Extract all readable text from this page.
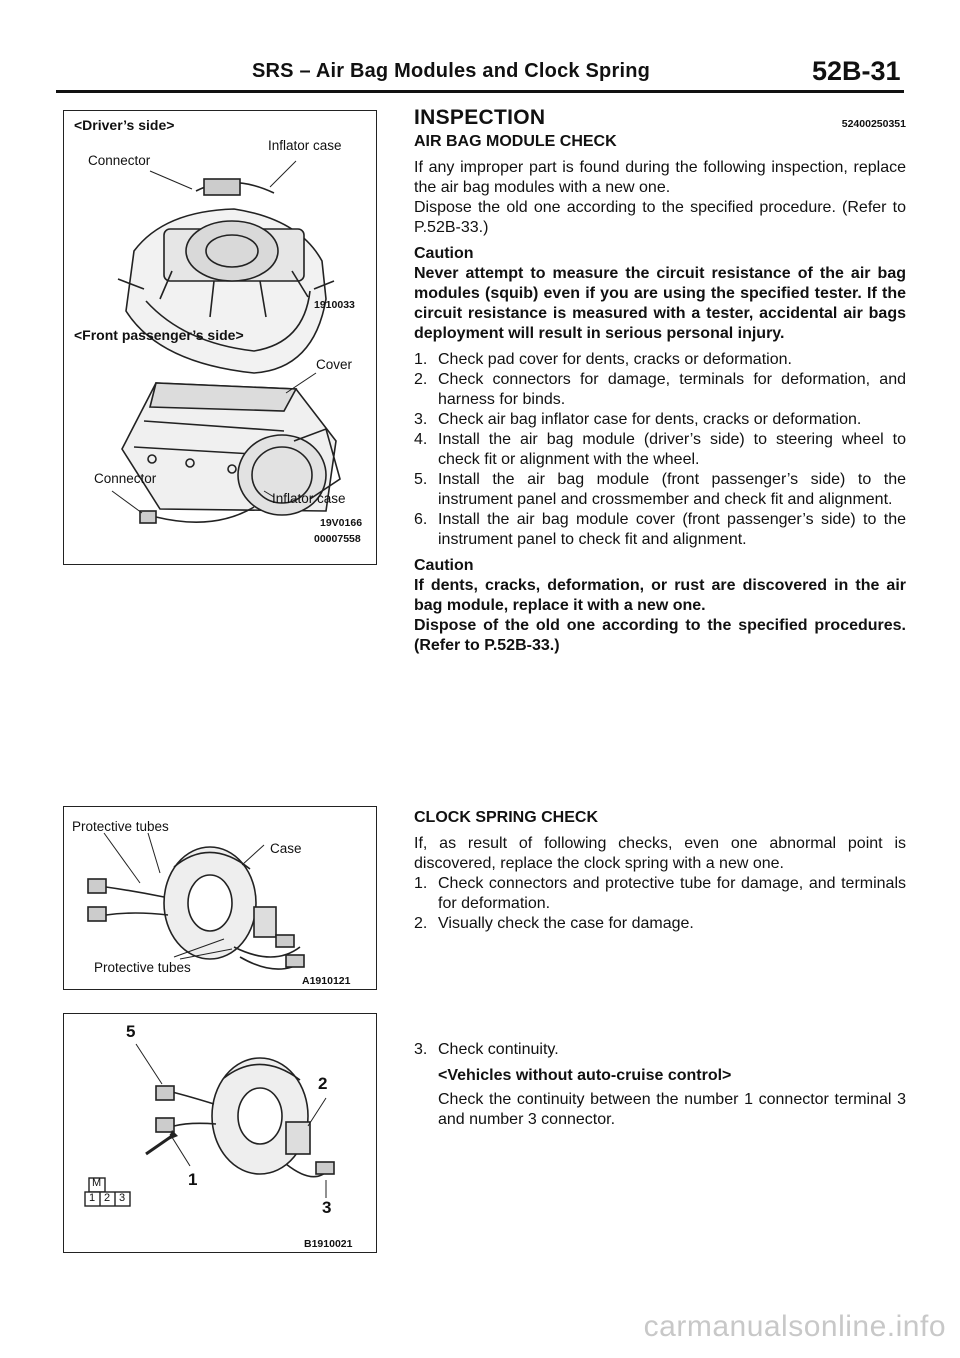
SRS – Air Bag Modules and Clock Spring	52B-31
<Driver’s side>
Connector
Inflator case
1910033
<Front passenger’s side>
Cover
Connector
Inflator case
19V0166
00007558
Protective tubes
Case
Protective tubes
A1910121
5
2
1
3
M
1 2 3
B1910021
INSPECTION	52400250351
AIR BAG MODULE CHECK

If any improper part is found during the following inspection, replace the air bag modules with a new one.

Dispose the old one according to the specified procedure. (Refer to P.52B-33.)

Caution

Never attempt to measure the circuit resistance of the air bag modules (squib) even if you are using the specified tester. If the circuit resistance is measured with a tester, accidental air bags deployment will result in serious personal injury.

1. Check pad cover for dents, cracks or deformation.
2. Check connectors for damage, terminals for deformation, and harness for binds.
3. Check air bag inflator case for dents, cracks or deformation.
4. Install the air bag module (driver’s side) to steering wheel to check fit or alignment with the wheel.
5. Install the air bag module (front passenger’s side) to the instrument panel and crossmember and check fit and alignment.
6. Install the air bag module cover (front passenger’s side) to the instrument panel to check fit and alignment.
Caution

If dents, cracks, deformation, or rust are discovered in the air bag module, replace it with a new one.

Dispose of the old one according to the specified procedures. (Refer to P.52B-33.)

CLOCK SPRING CHECK

If, as result of following checks, even one abnormal point is discovered, replace the clock spring with a new one.

1. Check connectors and protective tube for damage, and terminals for deformation.
2. Visually check the case for damage.
3. Check continuity.
<Vehicles without auto-cruise control>

Check the continuity between the number 1 connector terminal 3 and number 3 connector.

carmanualsonline.info
